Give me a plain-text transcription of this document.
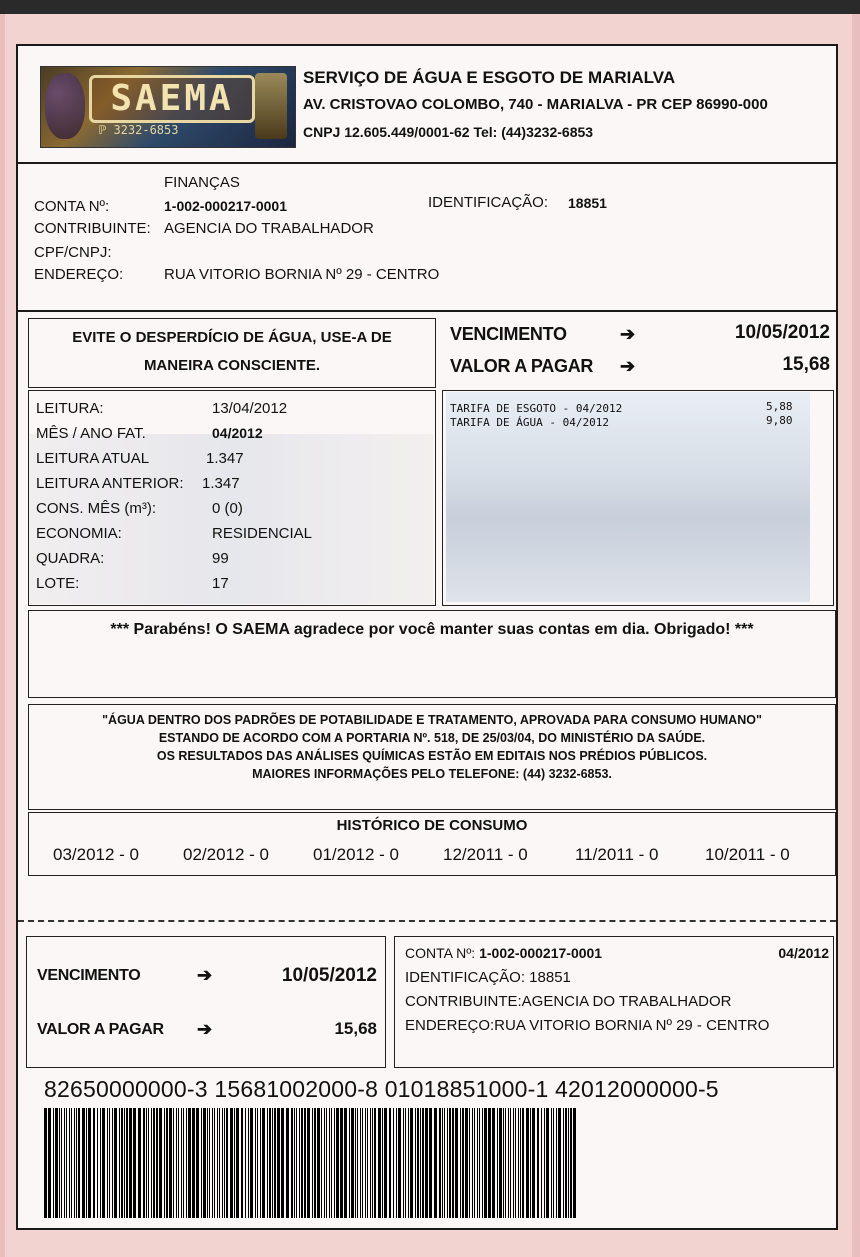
SAEMA
ℙ 3232-6853
SERVIÇO DE ÁGUA E ESGOTO DE MARIALVA
AV. CRISTOVAO COLOMBO, 740 - MARIALVA - PR CEP 86990-000
CNPJ 12.605.449/0001-62 Tel: (44)3232-6853
FINANÇAS
CONTA Nº:	1-002-000217-0001	IDENTIFICAÇÃO: 18851
CONTRIBUINTE: AGENCIA DO TRABALHADOR
CPF/CNPJ:
ENDEREÇO:	RUA VITORIO BORNIA Nº 29 - CENTRO
EVITE O DESPERDÍCIO DE ÁGUA, USE-A DE
MANEIRA CONSCIENTE.
VENCIMENTO	➔	10/05/2012
VALOR A PAGAR ➔	15,68
LEITURA:	13/04/2012
MÊS / ANO FAT.	04/2012
LEITURA ATUAL	1.347
LEITURA ANTERIOR: 1.347
CONS. MÊS (m³):	0 (0)
ECONOMIA:	RESIDENCIAL
QUADRA:	99
LOTE:	17
TARIFA DE ESGOTO - 04/2012	5,88
TARIFA DE ÁGUA - 04/2012	9,80
*** Parabéns! O SAEMA agradece por você manter suas contas em dia. Obrigado! ***
"ÁGUA DENTRO DOS PADRÕES DE POTABILIDADE E TRATAMENTO, APROVADA PARA CONSUMO HUMANO"
ESTANDO DE ACORDO COM A PORTARIA Nº. 518, DE 25/03/04, DO MINISTÉRIO DA SAÚDE.
OS RESULTADOS DAS ANÁLISES QUÍMICAS ESTÃO EM EDITAIS NOS PRÉDIOS PÚBLICOS.
MAIORES INFORMAÇÕES PELO TELEFONE: (44) 3232-6853.
HISTÓRICO DE CONSUMO
03/2012 - 0	02/2012 - 0	01/2012 - 0	12/2011 - 0	11/2011 - 0	10/2011 - 0
VENCIMENTO	➔	10/05/2012
VALOR A PAGAR ➔	15,68
CONTA Nº: 1-002-000217-0001	04/2012
IDENTIFICAÇÃO: 18851
CONTRIBUINTE:AGENCIA DO TRABALHADOR
ENDEREÇO:RUA VITORIO BORNIA Nº 29 - CENTRO
82650000000-3 15681002000-8 01018851000-1 42012000000-5
